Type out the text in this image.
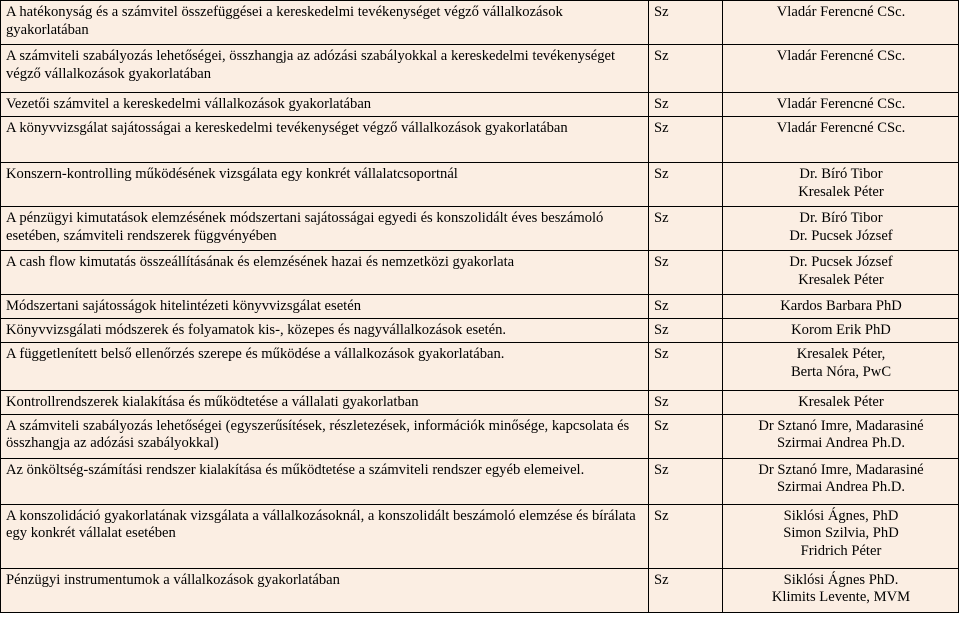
A hatékonyság és a számvitel összefüggései a kereskedelmi tevékenységet végző vállalkozások gyakorlatában	Sz	Vladár Ferencné CSc.

A számviteli szabályozás lehetőségei, összhangja az adózási szabályokkal a kereskedelmi tevékenységet végző vállalkozások gyakorlatában	Sz	Vladár Ferencné CSc.

Vezetői számvitel a kereskedelmi vállalkozások gyakorlatában	Sz	Vladár Ferencné CSc.

A könyvvizsgálat sajátosságai a kereskedelmi tevékenységet végző vállalkozások gyakorlatában	Sz	Vladár Ferencné CSc.

Konszern-kontrolling működésének vizsgálata egy konkrét vállalatcsoportnál	Sz	Dr. Bíró Tibor
Kresalek Péter

A pénzügyi kimutatások elemzésének módszertani sajátosságai egyedi és konszolidált éves beszámoló esetében, számviteli rendszerek függvényében	Sz	Dr. Bíró Tibor
Dr. Pucsek József

A cash flow kimutatás összeállításának és elemzésének hazai és nemzetközi gyakorlata	Sz	Dr. Pucsek József
Kresalek Péter

Módszertani sajátosságok hitelintézeti könyvvizsgálat esetén	Sz	Kardos Barbara PhD

Könyvvizsgálati módszerek és folyamatok kis-, közepes és nagyvállalkozások esetén.	Sz	Korom Erik PhD

A függetlenített belső ellenőrzés szerepe és működése a vállalkozások gyakorlatában.	Sz	Kresalek Péter,
Berta Nóra, PwC

Kontrollrendszerek kialakítása és működtetése a vállalati gyakorlatban	Sz	Kresalek Péter

A számviteli szabályozás lehetőségei (egyszerűsítések, részletezések, információk minősége, kapcsolata és összhangja az adózási szabályokkal)	Sz	Dr Sztanó Imre, Madarasiné
Szirmai Andrea Ph.D.

Az önköltség-számítási rendszer kialakítása és működtetése a számviteli rendszer egyéb elemeivel.	Sz	Dr Sztanó Imre, Madarasiné
Szirmai Andrea Ph.D.

A konszolidáció gyakorlatának vizsgálata a vállalkozásoknál, a konszolidált beszámoló elemzése és bírálata egy konkrét vállalat esetében	Sz	Siklósi Ágnes, PhD
Simon Szilvia, PhD
Fridrich Péter

Pénzügyi instrumentumok a vállalkozások gyakorlatában	Sz	Siklósi Ágnes PhD.
Klimits Levente, MVM
